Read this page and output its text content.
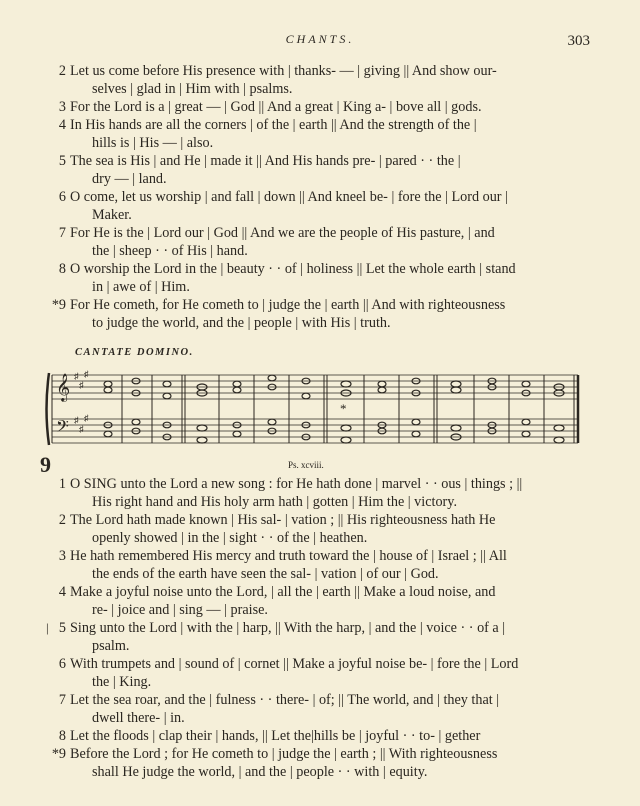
CHANTS.	303
2 Let us come before His presence with | thanks- — | giving || And show our-
selves | glad in | Him with | psalms.
3 For the Lord is a | great — | God || And a great | King a- | bove all | gods.
4 In His hands are all the corners | of the | earth || And the strength of the |
hills is | His — | also.
5 The sea is His | and He | made it || And His hands pre- | pared · · the |
dry — | land.
6 O come, let us worship | and fall | down || And kneel be- | fore the | Lord our |
Maker.
7 For He is the | Lord our | God || And we are the people of His pasture, | and
the | sheep · · of His | hand.
8 O worship the Lord in the | beauty · · of | holiness || Let the whole earth | stand
in | awe of | Him.
*9 For He cometh, for He cometh to | judge the | earth || And with righteousness
to judge the world, and the | people | with His | truth.
CANTATE DOMINO.
𝄞
𝄢
♯
♯
♯
♯
♯
♯
*
9	Ps. xcviii.
1 O SING unto the Lord a new song : for He hath done | marvel · · ous | things ; ||
His right hand and His holy arm hath | gotten | Him the | victory.
2 The Lord hath made known | His sal- | vation ; || His righteousness hath He
openly showed | in the | sight · · of the | heathen.
3 He hath remembered His mercy and truth toward the | house of | Israel ; || All
the ends of the earth have seen the sal- | vation | of our | God.
4 Make a joyful noise unto the Lord, | all the | earth || Make a loud noise, and
re- | joice and | sing — | praise.
| 5 Sing unto the Lord | with the | harp, || With the harp, | and the | voice · · of a |
psalm.
6 With trumpets and | sound of | cornet || Make a joyful noise be- | fore the | Lord
the | King.
7 Let the sea roar, and the | fulness · · there- | of; || The world, and | they that |
dwell there- | in.
8 Let the floods | clap their | hands, || Let the|hills be | joyful · · to- | gether
*9 Before the Lord ; for He cometh to | judge the | earth ; || With righteousness
shall He judge the world, | and the | people · · with | equity.
